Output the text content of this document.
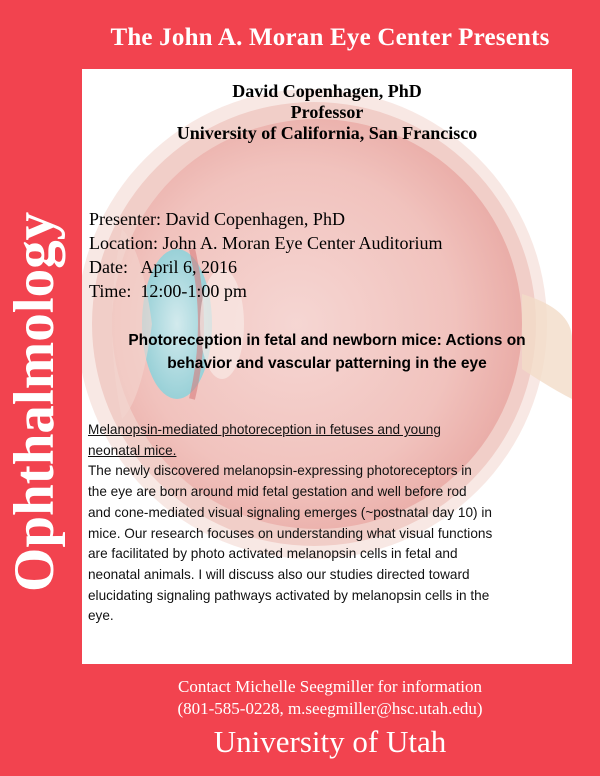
The John A. Moran Eye Center Presents
Ophthalmology
David Copenhagen, PhD
Professor
University of California, San Francisco
Presenter: David Copenhagen, PhD
Location: John A. Moran Eye Center Auditorium
Date:   April 6, 2016
Time:  12:00-1:00 pm
Photoreception in fetal and newborn mice: Actions on
behavior and vascular patterning in the eye
Melanopsin-mediated photoreception in fetuses and young
neonatal mice.
The newly discovered melanopsin-expressing photoreceptors in
the eye are born around mid fetal gestation and well before rod
and cone-mediated visual signaling emerges (~postnatal day 10) in
mice. Our research focuses on understanding what visual functions
are facilitated by photo activated melanopsin cells in fetal and
neonatal animals. I will discuss also our studies directed toward
elucidating signaling pathways activated by melanopsin cells in the
eye.
Contact Michelle Seegmiller for information
(801-585-0228, m.seegmiller@hsc.utah.edu)
University of Utah
